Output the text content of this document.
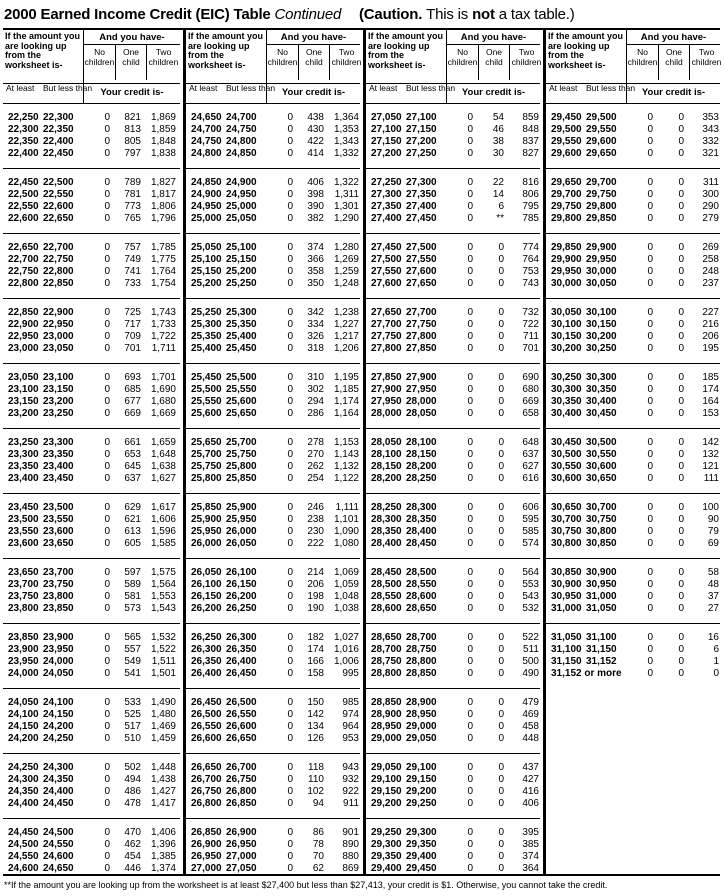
2000 Earned Income Credit (EIC) Table Continued (Caution. This is not a tax table.)
If the amount you are looking up from the worksheet is-
And you have-
No children
One child
Two children
At least But less than Your credit is-
22,250 22,300	0	821 1,869
22,300 22,350	0	813 1,859
22,350 22,400	0	805 1,848
22,400 22,450	0	797 1,838
22,450 22,500	0	789 1,827
22,500 22,550	0	781 1,817
22,550 22,600	0	773 1,806
22,600 22,650	0	765 1,796
22,650 22,700	0	757 1,785
22,700 22,750	0	749 1,775
22,750 22,800	0	741 1,764
22,800 22,850	0	733 1,754
22,850 22,900	0	725 1,743
22,900 22,950	0	717 1,733
22,950 23,000	0	709 1,722
23,000 23,050	0	701	1,711
23,050 23,100	0	693 1,701
23,100 23,150	0	685 1,690
23,150 23,200	0	677 1,680
23,200 23,250	0	669 1,669
23,250 23,300	0	661 1,659
23,300 23,350	0	653 1,648
23,350 23,400	0	645 1,638
23,400 23,450	0	637 1,627
23,450 23,500	0	629 1,617
23,500 23,550	0	621 1,606
23,550 23,600	0	613 1,596
23,600 23,650	0	605 1,585
23,650 23,700	0	597 1,575
23,700 23,750	0	589 1,564
23,750 23,800	0	581 1,553
23,800 23,850	0	573 1,543
23,850 23,900	0	565 1,532
23,900 23,950	0	557 1,522
23,950 24,000	0	549	1,511
24,000 24,050	0	541 1,501
24,050 24,100	0	533 1,490
24,100 24,150	0	525 1,480
24,150 24,200	0	517 1,469
24,200 24,250	0	510 1,459
24,250 24,300	0	502 1,448
24,300 24,350	0	494 1,438
24,350 24,400	0	486 1,427
24,400 24,450	0	478 1,417
24,450 24,500	0	470 1,406
24,500 24,550	0	462 1,396
24,550 24,600	0	454 1,385
24,600 24,650	0	446 1,374
If the amount you are looking up from the worksheet is-
And you have-
No children
One child
Two children
At least But less than Your credit is-
24,650 24,700	0	438 1,364
24,700 24,750	0	430 1,353
24,750 24,800	0	422 1,343
24,800 24,850	0	414 1,332
24,850 24,900	0	406 1,322
24,900 24,950	0	398	1,311
24,950 25,000	0	390 1,301
25,000 25,050	0	382 1,290
25,050 25,100	0	374 1,280
25,100 25,150	0	366 1,269
25,150 25,200	0	358 1,259
25,200 25,250	0	350 1,248
25,250 25,300	0	342 1,238
25,300 25,350	0	334 1,227
25,350 25,400	0	326 1,217
25,400 25,450	0	318 1,206
25,450 25,500	0	310 1,195
25,500 25,550	0	302 1,185
25,550 25,600	0	294 1,174
25,600 25,650	0	286 1,164
25,650 25,700	0	278 1,153
25,700 25,750	0	270 1,143
25,750 25,800	0	262 1,132
25,800 25,850	0	254 1,122
25,850 25,900	0	246	1,111
25,900 25,950	0	238 1,101
25,950 26,000	0	230 1,090
26,000 26,050	0	222 1,080
26,050 26,100	0	214 1,069
26,100 26,150	0	206 1,059
26,150 26,200	0	198 1,048
26,200 26,250	0	190 1,038
26,250 26,300	0	182 1,027
26,300 26,350	0	174 1,016
26,350 26,400	0	166 1,006
26,400 26,450	0	158	995
26,450 26,500	0	150	985
26,500 26,550	0	142	974
26,550 26,600	0	134	964
26,600 26,650	0	126	953
26,650 26,700	0	118	943
26,700 26,750	0	110	932
26,750 26,800	0	102	922
26,800 26,850	0	94	911
26,850 26,900	0	86	901
26,900 26,950	0	78	890
26,950 27,000	0	70	880
27,000 27,050	0	62	869
If the amount you are looking up from the worksheet is-
And you have-
No children
One child
Two children
At least But less than Your credit is-
27,050 27,100	0	54	859
27,100 27,150	0	46	848
27,150 27,200	0	38	837
27,200 27,250	0	30	827
27,250 27,300	0	22	816
27,300 27,350	0	14	806
27,350 27,400	0	6	795
27,400 27,450	0	**	785
27,450 27,500	0	0	774
27,500 27,550	0	0	764
27,550 27,600	0	0	753
27,600 27,650	0	0	743
27,650 27,700	0	0	732
27,700 27,750	0	0	722
27,750 27,800	0	0	711
27,800 27,850	0	0	701
27,850 27,900	0	0	690
27,900 27,950	0	0	680
27,950 28,000	0	0	669
28,000 28,050	0	0	658
28,050 28,100	0	0	648
28,100 28,150	0	0	637
28,150 28,200	0	0	627
28,200 28,250	0	0	616
28,250 28,300	0	0	606
28,300 28,350	0	0	595
28,350 28,400	0	0	585
28,400 28,450	0	0	574
28,450 28,500	0	0	564
28,500 28,550	0	0	553
28,550 28,600	0	0	543
28,600 28,650	0	0	532
28,650 28,700	0	0	522
28,700 28,750	0	0	511
28,750 28,800	0	0	500
28,800 28,850	0	0	490
28,850 28,900	0	0	479
28,900 28,950	0	0	469
28,950 29,000	0	0	458
29,000 29,050	0	0	448
29,050 29,100	0	0	437
29,100 29,150	0	0	427
29,150 29,200	0	0	416
29,200 29,250	0	0	406
29,250 29,300	0	0	395
29,300 29,350	0	0	385
29,350 29,400	0	0	374
29,400 29,450	0	0	364
If the amount you are looking up from the worksheet is-
And you have-
No children
One child
Two children
At least But less than Your credit is-
29,450 29,500	0	0	353
29,500 29,550	0	0	343
29,550 29,600	0	0	332
29,600 29,650	0	0	321
29,650 29,700	0	0	311
29,700 29,750	0	0	300
29,750 29,800	0	0	290
29,800 29,850	0	0	279
29,850 29,900	0	0	269
29,900 29,950	0	0	258
29,950 30,000	0	0	248
30,000 30,050	0	0	237
30,050 30,100	0	0	227
30,100 30,150	0	0	216
30,150 30,200	0	0	206
30,200 30,250	0	0	195
30,250 30,300	0	0	185
30,300 30,350	0	0	174
30,350 30,400	0	0	164
30,400 30,450	0	0	153
30,450 30,500	0	0	142
30,500 30,550	0	0	132
30,550 30,600	0	0	121
30,600 30,650	0	0	111
30,650 30,700	0	0	100
30,700 30,750	0	0	90
30,750 30,800	0	0	79
30,800 30,850	0	0	69
30,850 30,900	0	0	58
30,900 30,950	0	0	48
30,950 31,000	0	0	37
31,000 31,050	0	0	27
31,050 31,100	0	0	16
31,100 31,150	0	0	6
31,150 31,152	0	0	1
31,152 or more	0	0	0
**If the amount you are looking up from the worksheet is at least $27,400 but less than $27,413, your credit is $1. Otherwise, you cannot take the credit.
